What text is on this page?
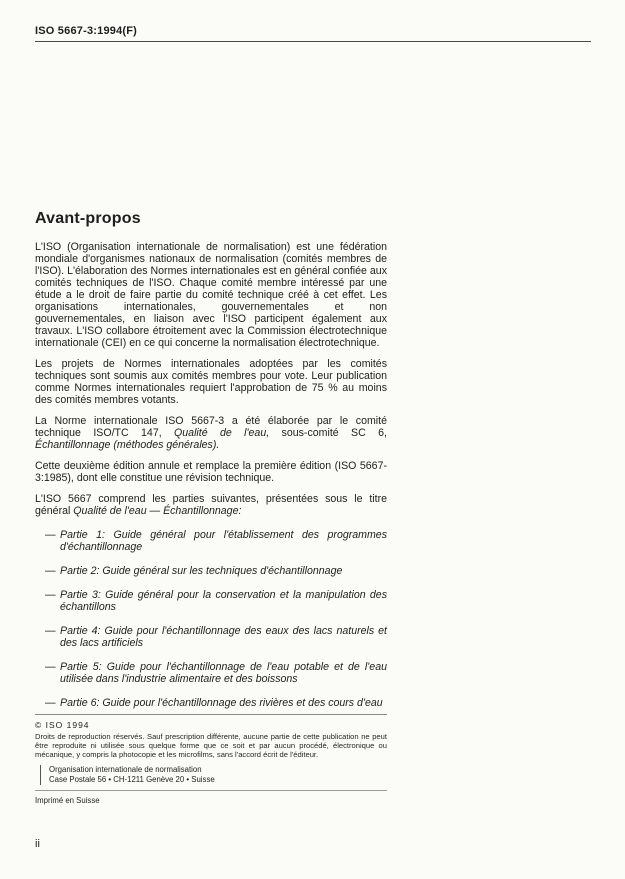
ISO 5667-3:1994(F)
Avant-propos

L'ISO (Organisation internationale de normalisation) est une fédération mondiale d'organismes nationaux de normalisation (comités membres de l'ISO). L'élaboration des Normes internationales est en général confiée aux comités techniques de l'ISO. Chaque comité membre intéressé par une étude a le droit de faire partie du comité technique créé à cet effet. Les organisations internationales, gouvernementales et non gouvernementales, en liaison avec l'ISO participent également aux travaux. L'ISO collabore étroitement avec la Commission électrotechnique internationale (CEI) en ce qui concerne la normalisation électrotechnique.

Les projets de Normes internationales adoptées par les comités techniques sont soumis aux comités membres pour vote. Leur publication comme Normes internationales requiert l'approbation de 75 % au moins des comités membres votants.

La Norme internationale ISO 5667-3 a été élaborée par le comité technique ISO/TC 147, Qualité de l'eau, sous-comité SC 6, Échantillonnage (méthodes générales).

Cette deuxième édition annule et remplace la première édition (ISO 5667-3:1985), dont elle constitue une révision technique.

L'ISO 5667 comprend les parties suivantes, présentées sous le titre général Qualité de l'eau — Échantillonnage:

— Partie 1: Guide général pour l'établissement des programmes d'échantillonnage
— Partie 2: Guide général sur les techniques d'échantillonnage
— Partie 3: Guide général pour la conservation et la manipulation des échantillons
— Partie 4: Guide pour l'échantillonnage des eaux des lacs naturels et des lacs artificiels
— Partie 5: Guide pour l'échantillonnage de l'eau potable et de l'eau utilisée dans l'industrie alimentaire et des boissons
— Partie 6: Guide pour l'échantillonnage des rivières et des cours d'eau
© ISO 1994
Droits de reproduction réservés. Sauf prescription différente, aucune partie de cette publication ne peut être reproduite ni utilisée sous quelque forme que ce soit et par aucun procédé, électronique ou mécanique, y compris la photocopie et les microfilms, sans l'accord écrit de l'éditeur.
Organisation internationale de normalisation
Case Postale 56 • CH-1211 Genève 20 • Suisse
Imprimé en Suisse
ii
